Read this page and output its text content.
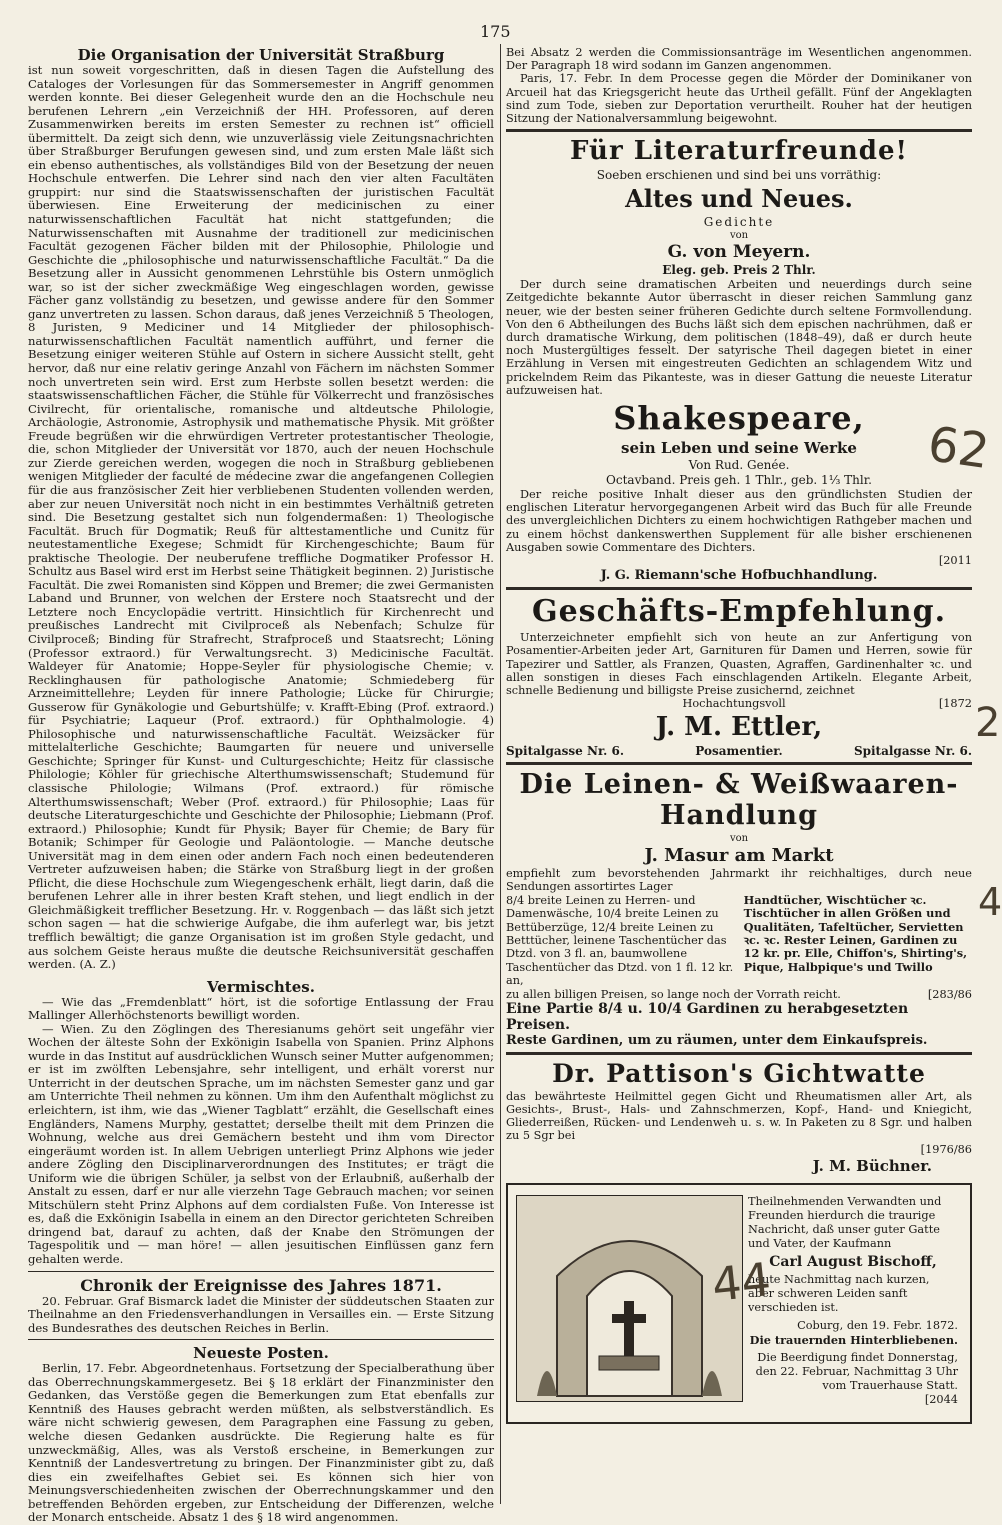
175
Die Organisation der Universität Straßburg

ist nun soweit vorgeschritten, daß in diesen Tagen die Aufstellung des Cataloges der Vorlesungen für das Sommersemester in Angriff genommen werden konnte. Bei dieser Gelegenheit wurde den an die Hochschule neu berufenen Lehrern „ein Verzeichniß der HH. Professoren, auf deren Zusammenwirken bereits im ersten Semester zu rechnen ist“ officiell übermittelt. Da zeigt sich denn, wie unzuverlässig viele Zeitungsnachrichten über Straßburger Berufungen gewesen sind, und zum ersten Male läßt sich ein ebenso authentisches, als vollständiges Bild von der Besetzung der neuen Hochschule entwerfen. Die Lehrer sind nach den vier alten Facultäten gruppirt: nur sind die Staatswissenschaften der juristischen Facultät überwiesen. Eine Erweiterung der medicinischen zu einer naturwissenschaftlichen Facultät hat nicht stattgefunden; die Naturwissenschaften mit Ausnahme der traditionell zur medicinischen Facultät gezogenen Fächer bilden mit der Philosophie, Philologie und Geschichte die „philosophische und naturwissenschaftliche Facultät.“ Da die Besetzung aller in Aussicht genommenen Lehrstühle bis Ostern unmöglich war, so ist der sicher zweckmäßige Weg eingeschlagen worden, gewisse Fächer ganz vollständig zu besetzen, und gewisse andere für den Sommer ganz unvertreten zu lassen. Schon daraus, daß jenes Verzeichniß 5 Theologen, 8 Juristen, 9 Mediciner und 14 Mitglieder der philosophisch-naturwissenschaftlichen Facultät namentlich aufführt, und ferner die Besetzung einiger weiteren Stühle auf Ostern in sichere Aussicht stellt, geht hervor, daß nur eine relativ geringe Anzahl von Fächern im nächsten Sommer noch unvertreten sein wird. Erst zum Herbste sollen besetzt werden: die staatswissenschaftlichen Fächer, die Stühle für Völkerrecht und französisches Civilrecht, für orientalische, romanische und altdeutsche Philologie, Archäologie, Astronomie, Astrophysik und mathematische Physik. Mit größter Freude begrüßen wir die ehrwürdigen Vertreter protestantischer Theologie, die, schon Mitglieder der Universität vor 1870, auch der neuen Hochschule zur Zierde gereichen werden, wogegen die noch in Straßburg gebliebenen wenigen Mitglieder der faculté de médecine zwar die angefangenen Collegien für die aus französischer Zeit hier verbliebenen Studenten vollenden werden, aber zur neuen Universität noch nicht in ein bestimmtes Verhältniß getreten sind. Die Besetzung gestaltet sich nun folgendermaßen: 1) Theologische Facultät. Bruch für Dogmatik; Reuß für alttestamentliche und Cunitz für neutestamentliche Exegese; Schmidt für Kirchengeschichte; Baum für praktische Theologie. Der neuberufene treffliche Dogmatiker Professor H. Schultz aus Basel wird erst im Herbst seine Thätigkeit beginnen. 2) Juristische Facultät. Die zwei Romanisten sind Köppen und Bremer; die zwei Germanisten Laband und Brunner, von welchen der Erstere noch Staatsrecht und der Letztere noch Encyclopädie vertritt. Hinsichtlich für Kirchenrecht und preußisches Landrecht mit Civilproceß als Nebenfach; Schulze für Civilproceß; Binding für Strafrecht, Strafproceß und Staatsrecht; Löning (Professor extraord.) für Verwaltungsrecht. 3) Medicinische Facultät. Waldeyer für Anatomie; Hoppe-Seyler für physiologische Chemie; v. Recklinghausen für pathologische Anatomie; Schmiedeberg für Arzneimittellehre; Leyden für innere Pathologie; Lücke für Chirurgie; Gusserow für Gynäkologie und Geburtshülfe; v. Krafft-Ebing (Prof. extraord.) für Psychiatrie; Laqueur (Prof. extraord.) für Ophthalmologie. 4) Philosophische und naturwissenschaftliche Facultät. Weizsäcker für mittelalterliche Geschichte; Baumgarten für neuere und universelle Geschichte; Springer für Kunst- und Culturgeschichte; Heitz für classische Philologie; Köhler für griechische Alterthumswissenschaft; Studemund für classische Philologie; Wilmans (Prof. extraord.) für römische Alterthumswissenschaft; Weber (Prof. extraord.) für Philosophie; Laas für deutsche Literaturgeschichte und Geschichte der Philosophie; Liebmann (Prof. extraord.) Philosophie; Kundt für Physik; Bayer für Chemie; de Bary für Botanik; Schimper für Geologie und Paläontologie. — Manche deutsche Universität mag in dem einen oder andern Fach noch einen bedeutenderen Vertreter aufzuweisen haben; die Stärke von Straßburg liegt in der großen Pflicht, die diese Hochschule zum Wiegengeschenk erhält, liegt darin, daß die berufenen Lehrer alle in ihrer besten Kraft stehen, und liegt endlich in der Gleichmäßigkeit trefflicher Besetzung. Hr. v. Roggenbach — das läßt sich jetzt schon sagen — hat die schwierige Aufgabe, die ihm auferlegt war, bis jetzt trefflich bewältigt; die ganze Organisation ist im großen Style gedacht, und aus solchem Geiste heraus mußte die deutsche Reichsuniversität geschaffen werden. (A. Z.)

Vermischtes.

— Wie das „Fremdenblatt“ hört, ist die sofortige Entlassung der Frau Mallinger Allerhöchstenorts bewilligt worden.

— Wien. Zu den Zöglingen des Theresianums gehört seit ungefähr vier Wochen der älteste Sohn der Exkönigin Isabella von Spanien. Prinz Alphons wurde in das Institut auf ausdrücklichen Wunsch seiner Mutter aufgenommen; er ist im zwölften Lebensjahre, sehr intelligent, und erhält vorerst nur Unterricht in der deutschen Sprache, um im nächsten Semester ganz und gar am Unterrichte Theil nehmen zu können. Um ihm den Aufenthalt möglichst zu erleichtern, ist ihm, wie das „Wiener Tagblatt“ erzählt, die Gesellschaft eines Engländers, Namens Murphy, gestattet; derselbe theilt mit dem Prinzen die Wohnung, welche aus drei Gemächern besteht und ihm vom Director eingeräumt worden ist. In allem Uebrigen unterliegt Prinz Alphons wie jeder andere Zögling den Disciplinarverordnungen des Institutes; er trägt die Uniform wie die übrigen Schüler, ja selbst von der Erlaubniß, außerhalb der Anstalt zu essen, darf er nur alle vierzehn Tage Gebrauch machen; vor seinen Mitschülern steht Prinz Alphons auf dem cordialsten Fuße. Von Interesse ist es, daß die Exkönigin Isabella in einem an den Director gerichteten Schreiben dringend bat, darauf zu achten, daß der Knabe den Strömungen der Tagespolitik und — man höre! — allen jesuitischen Einflüssen ganz fern gehalten werde.

Chronik der Ereignisse des Jahres 1871.

20. Februar. Graf Bismarck ladet die Minister der süddeutschen Staaten zur Theilnahme an den Friedensverhandlungen in Versailles ein. — Erste Sitzung des Bundesrathes des deutschen Reiches in Berlin.

Neueste Posten.

Berlin, 17. Febr. Abgeordnetenhaus. Fortsetzung der Specialberathung über das Oberrechnungskammergesetz. Bei § 18 erklärt der Finanzminister den Gedanken, das Verstöße gegen die Bemerkungen zum Etat ebenfalls zur Kenntniß des Hauses gebracht werden müßten, als selbstverständlich. Es wäre nicht schwierig gewesen, dem Paragraphen eine Fassung zu geben, welche diesen Gedanken ausdrückte. Die Regierung halte es für unzweckmäßig, Alles, was als Verstoß erscheine, in Bemerkungen zur Kenntniß der Landesvertretung zu bringen. Der Finanzminister gibt zu, daß dies ein zweifelhaftes Gebiet sei. Es können sich hier von Meinungsverschiedenheiten zwischen der Oberrechnungskammer und den betreffenden Behörden ergeben, zur Entscheidung der Differenzen, welche der Monarch entscheide. Absatz 1 des § 18 wird angenommen.

Bei Absatz 2 werden die Commissionsanträge im Wesentlichen angenommen. Der Paragraph 18 wird sodann im Ganzen angenommen.

Paris, 17. Febr. In dem Processe gegen die Mörder der Dominikaner von Arcueil hat das Kriegsgericht heute das Urtheil gefällt. Fünf der Angeklagten sind zum Tode, sieben zur Deportation verurtheilt. Rouher hat der heutigen Sitzung der Nationalversammlung beigewohnt.

Für Literaturfreunde!
Soeben erschienen und sind bei uns vorräthig:
Altes und Neues.
Gedichte
von
G. von Meyern.
Eleg. geb. Preis 2 Thlr.

Der durch seine dramatischen Arbeiten und neuerdings durch seine Zeitgedichte bekannte Autor überrascht in dieser reichen Sammlung ganz neuer, wie der besten seiner früheren Gedichte durch seltene Formvollendung. Von den 6 Abtheilungen des Buchs läßt sich dem epischen nachrühmen, daß er durch dramatische Wirkung, dem politischen (1848–49), daß er durch heute noch Mustergültiges fesselt. Der satyrische Theil dagegen bietet in einer Erzählung in Versen mit eingestreuten Gedichten an schlagendem Witz und prickelndem Reim das Pikanteste, was in dieser Gattung die neueste Literatur aufzuweisen hat.

Shakespeare,
sein Leben und seine Werke
Von Rud. Genée.
Octavband. Preis geh. 1 Thlr., geb. 1⅓ Thlr.

Der reiche positive Inhalt dieser aus den gründlichsten Studien der englischen Literatur hervorgegangenen Arbeit wird das Buch für alle Freunde des unvergleichlichen Dichters zu einem hochwichtigen Rathgeber machen und zu einem höchst dankenswerthen Supplement für alle bisher erschienenen Ausgaben sowie Commentare des Dichters.

[2011
J. G. Riemann'sche Hofbuchhandlung.
Geschäfts-Empfehlung.

Unterzeichneter empfiehlt sich von heute an zur Anfertigung von Posamentier-Arbeiten jeder Art, Garnituren für Damen und Herren, sowie für Tapezirer und Sattler, als Franzen, Quasten, Agraffen, Gardinenhalter ꝛc. und allen sonstigen in dieses Fach einschlagenden Artikeln. Elegante Arbeit, schnelle Bedienung und billigste Preise zusichernd, zeichnet

Hochachtungsvoll	[1872
J. M. Ettler,
Spitalgasse Nr. 6.	Posamentier.	Spitalgasse Nr. 6.
Die Leinen- & Weißwaaren-Handlung
von
J. Masur am Markt

empfiehlt zum bevorstehenden Jahrmarkt ihr reichhaltiges, durch neue Sendungen assortirtes Lager

8/4 breite Leinen zu Herren- und Damenwäsche, 10/4 breite Leinen zu Bettüberzüge, 12/4 breite Leinen zu Betttücher, leinene Taschentücher das Dtzd. von 3 fl. an, baumwollene Taschentücher das Dtzd. von 1 fl. 12 kr. an,
Handtücher, Wischtücher ꝛc. Tischtücher in allen Größen und Qualitäten, Tafeltücher, Servietten ꝛc. ꝛc. Rester Leinen, Gardinen zu 12 kr. pr. Elle, Chiffon's, Shirting's, Pique, Halbpique's und Twillo
zu allen billigen Preisen, so lange noch der Vorrath reicht.	[283/86
Eine Partie 8/4 u. 10/4 Gardinen zu herabgesetzten Preisen.
Reste Gardinen, um zu räumen, unter dem Einkaufspreis.
Dr. Pattison's Gichtwatte

das bewährteste Heilmittel gegen Gicht und Rheumatismen aller Art, als Gesichts-, Brust-, Hals- und Zahnschmerzen, Kopf-, Hand- und Kniegicht, Gliederreißen, Rücken- und Lendenweh u. s. w. In Paketen zu 8 Sgr. und halben zu 5 Sgr bei

[1976/86
J. M. Büchner.
Theilnehmenden Verwandten und Freunden hierdurch die traurige Nachricht, daß unser guter Gatte und Vater, der Kaufmann
Carl August Bischoff,
heute Nachmittag nach kurzen, aber schweren Leiden sanft verschieden ist.
Coburg, den 19. Febr. 1872.
Die trauernden Hinterbliebenen.
Die Beerdigung findet Donnerstag, den 22. Februar, Nachmittag 3 Uhr vom Trauerhause Statt.
[2044
62
44
2
4
